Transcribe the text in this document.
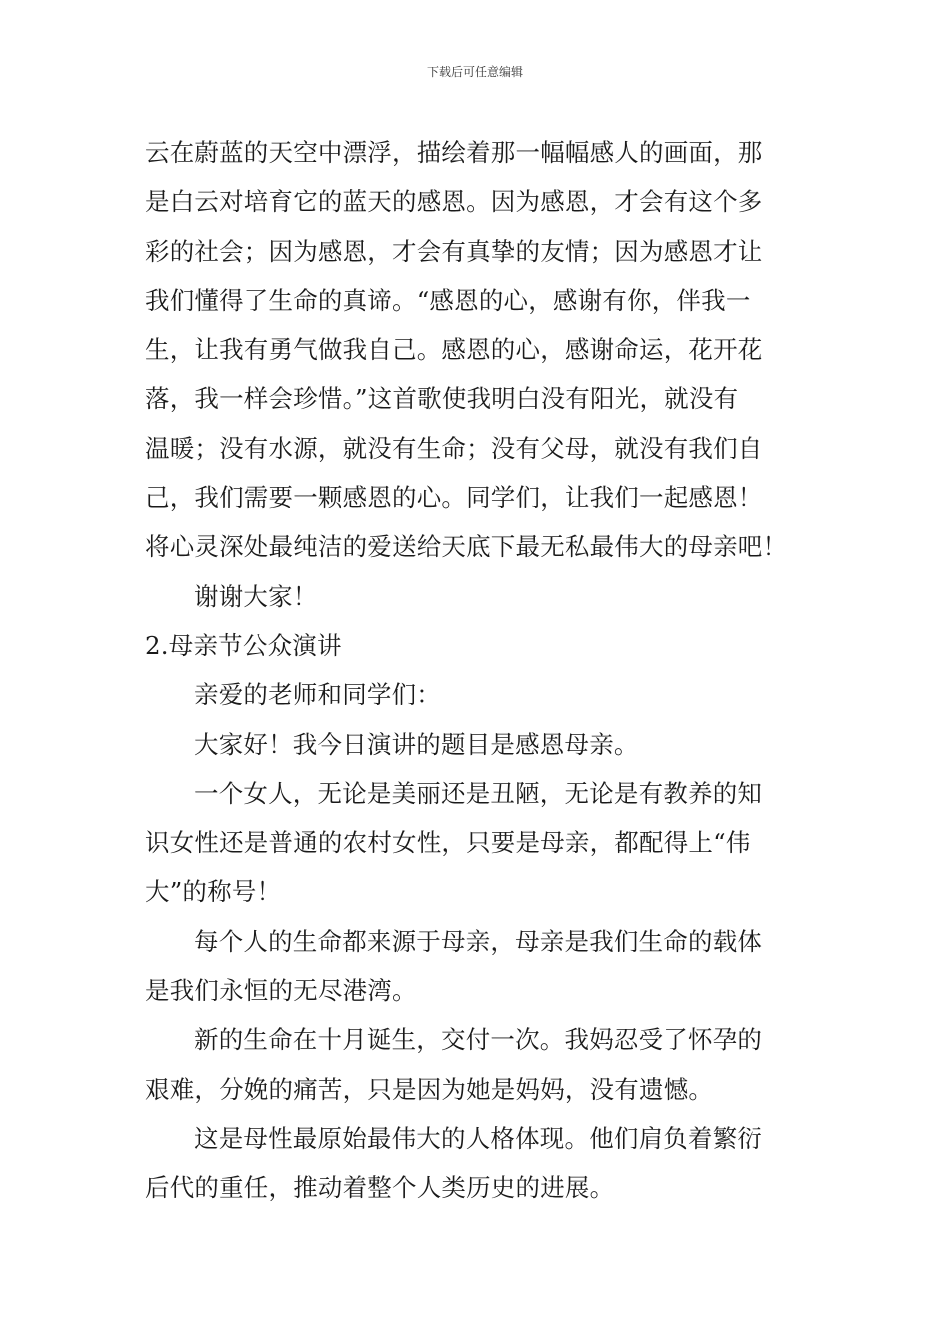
下载后可任意编辑

云在蔚蓝的天空中漂浮，描绘着那一幅幅感人的画面，那

是白云对培育它的蓝天的感恩。因为感恩，才会有这个多

彩的社会；因为感恩，才会有真挚的友情；因为感恩才让

我们懂得了生命的真谛。“感恩的心，感谢有你，伴我一

生，让我有勇气做我自己。感恩的心，感谢命运，花开花

落，我一样会珍惜。”这首歌使我明白没有阳光，就没有

温暖；没有水源，就没有生命；没有父母，就没有我们自

己，我们需要一颗感恩的心。同学们，让我们一起感恩！

将心灵深处最纯洁的爱送给天底下最无私最伟大的母亲吧！

谢谢大家！

2.母亲节公众演讲

亲爱的老师和同学们：

大家好！我今日演讲的题目是感恩母亲。

一个女人，无论是美丽还是丑陋，无论是有教养的知

识女性还是普通的农村女性，只要是母亲，都配得上“伟

大”的称号！

每个人的生命都来源于母亲，母亲是我们生命的载体

是我们永恒的无尽港湾。

新的生命在十月诞生，交付一次。我妈忍受了怀孕的

艰难，分娩的痛苦，只是因为她是妈妈，没有遗憾。

这是母性最原始最伟大的人格体现。他们肩负着繁衍

后代的重任，推动着整个人类历史的进展。
